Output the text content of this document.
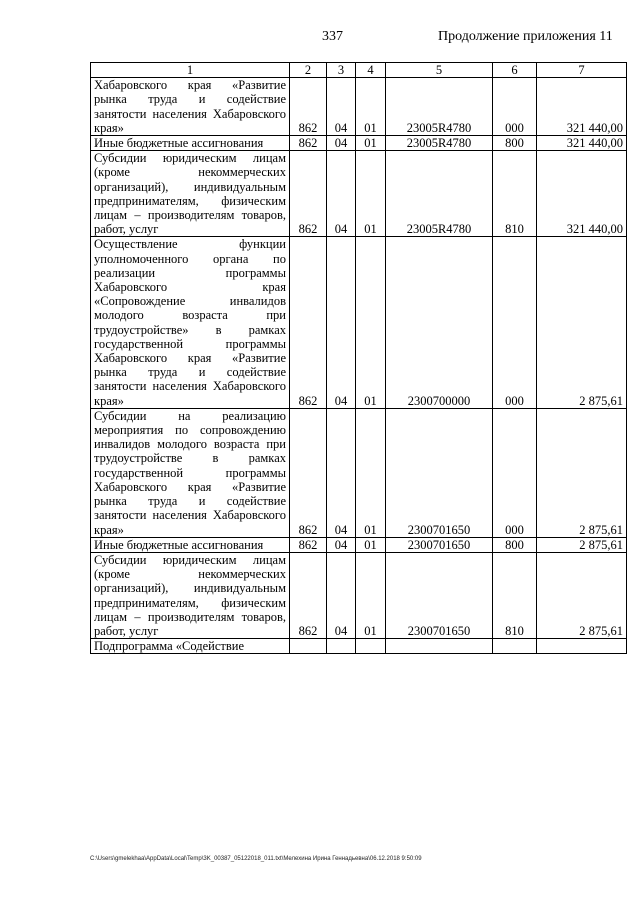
337	Продолжение приложения 11
1	2	3	4	5	6	7
Хабаровского края «Развитие рынка труда и содействие занятости населения Хабаровского края»	862	04	01	23005R4780	000	321 440,00
Иные бюджетные ассигнования	862	04	01	23005R4780	800	321 440,00
Субсидии юридическим лицам (кроме некоммерческих организаций), индивидуальным предпринимателям, физическим лицам – производителям товаров, работ, услуг	862	04	01	23005R4780	810	321 440,00
Осуществление функции уполномоченного органа по реализации программы Хабаровского края «Сопровождение инвалидов молодого возраста при трудоустройстве» в рамках государственной программы Хабаровского края «Развитие рынка труда и содействие занятости населения Хабаровского края»	862	04	01	2300700000	000	2 875,61
Субсидии на реализацию мероприятия по сопровождению инвалидов молодого возраста при трудоустройстве в рамках государственной программы Хабаровского края «Развитие рынка труда и содействие занятости населения Хабаровского края»	862	04	01	2300701650	000	2 875,61
Иные бюджетные ассигнования	862	04	01	2300701650	800	2 875,61
Субсидии юридическим лицам (кроме некоммерческих организаций), индивидуальным предпринимателям, физическим лицам – производителям товаров, работ, услуг	862	04	01	2300701650	810	2 875,61
Подпрограмма «Содействие						
C:\Users\gmelekhaa\AppData\Local\Temp\3K_00387_05122018_011.txt\Мелехина Ирина Геннадьевна\06.12.2018 9:50:09
